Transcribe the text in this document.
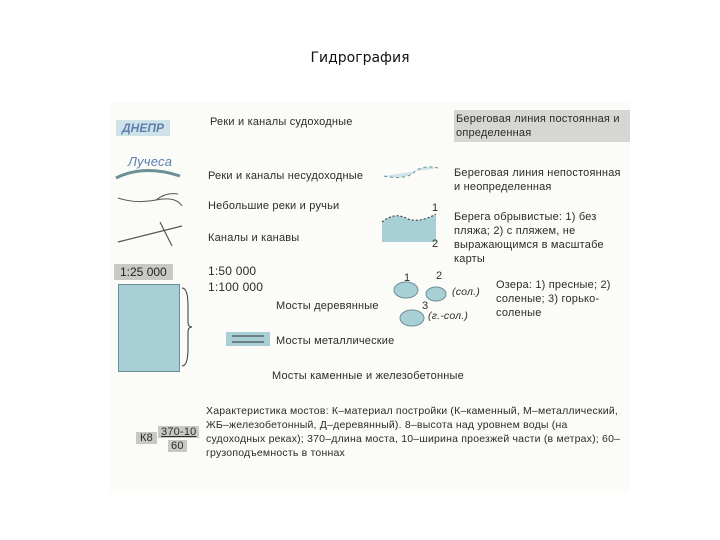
Гидрография
ДНЕПР
Лучеса
1:25 000
К8 370-10
60
Реки и каналы судоходные
Реки и каналы несудоходные
Небольшие реки и ручьи
Каналы и канавы
1:50 000
1:100 000
Мосты деревянные
Мосты металлические
Мосты каменные и железобетонные
Характеристика мостов: К–материал постройки (К–каменный, М–металлический, ЖБ–железобетонный, Д–деревянный). 8–высота над уровнем воды (на судоходных реках); 370–длина моста, 10–ширина проезжей части (в метрах); 60–грузоподъемность в тоннах
Береговая линия постоянная и определенная
Береговая линия непостоянная и неопределенная
1
2
Берега обрывистые: 1) без пляжа; 2) с пляжем, не выражающимся в масштабе карты
1 2
3
(сол.)
(г.-сол.)
Озера: 1) пресные; 2) соленые; 3) горько-соленые
